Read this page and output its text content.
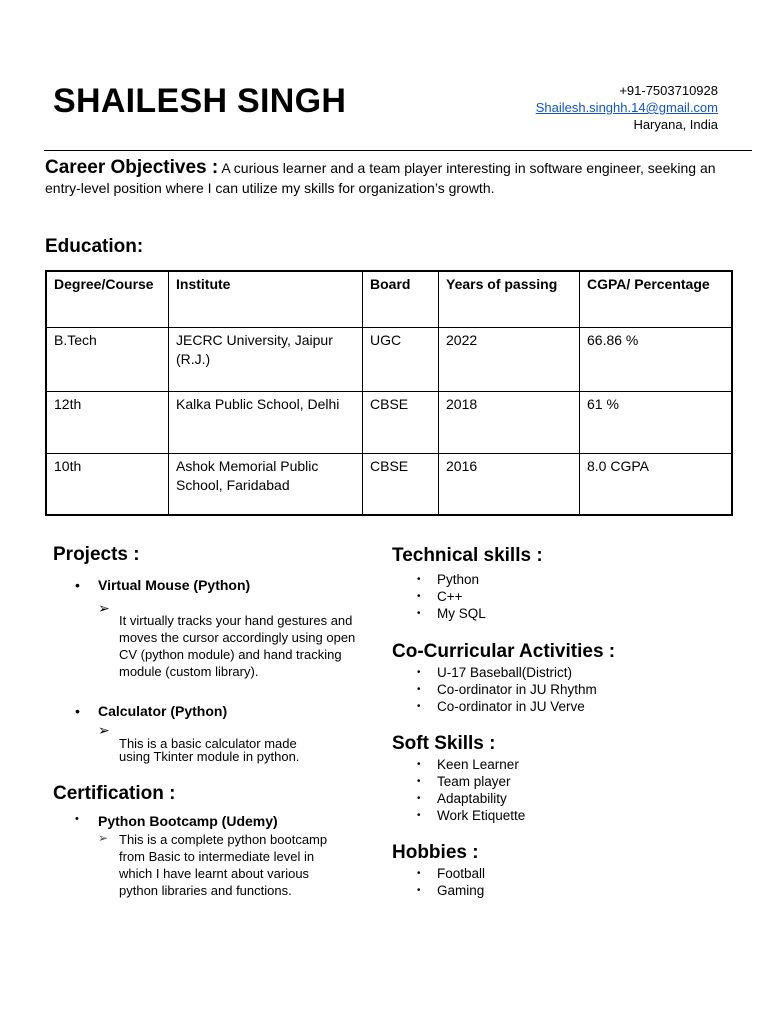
SHAILESH SINGH	+91-7503710928
Shailesh.singhh.14@gmail.com
Haryana, India
Career Objectives : A curious learner and a team player interesting in software engineer, seeking an entry-level position where I can utilize my skills for organization’s growth.
Education:
Degree/Course	Institute	Board	Years of passing	CGPA/ Percentage
B.Tech	JECRC University, Jaipur (R.J.)	UGC	2022	66.86 %
12th	Kalka Public School, Delhi	CBSE	2018	61 %
10th	Ashok Memorial Public School, Faridabad	CBSE	2016	8.0 CGPA
Projects :
• Virtual Mouse (Python)
➢
It virtually tracks your hand gestures and moves the cursor accordingly using open CV (python module) and hand tracking module (custom library).
• Calculator (Python)
➢
This is a basic calculator made using Tkinter module in python.
Certification :
• Python Bootcamp (Udemy)
➢ This is a complete python bootcamp from Basic to intermediate level in which I have learnt about various python libraries and functions.
Technical skills :
• Python
• C++
• My SQL
Co-Curricular Activities :
• U-17 Baseball(District)
• Co-ordinator in JU Rhythm
• Co-ordinator in JU Verve
Soft Skills :
• Keen Learner
• Team player
• Adaptability
• Work Etiquette
Hobbies :
• Football
• Gaming
